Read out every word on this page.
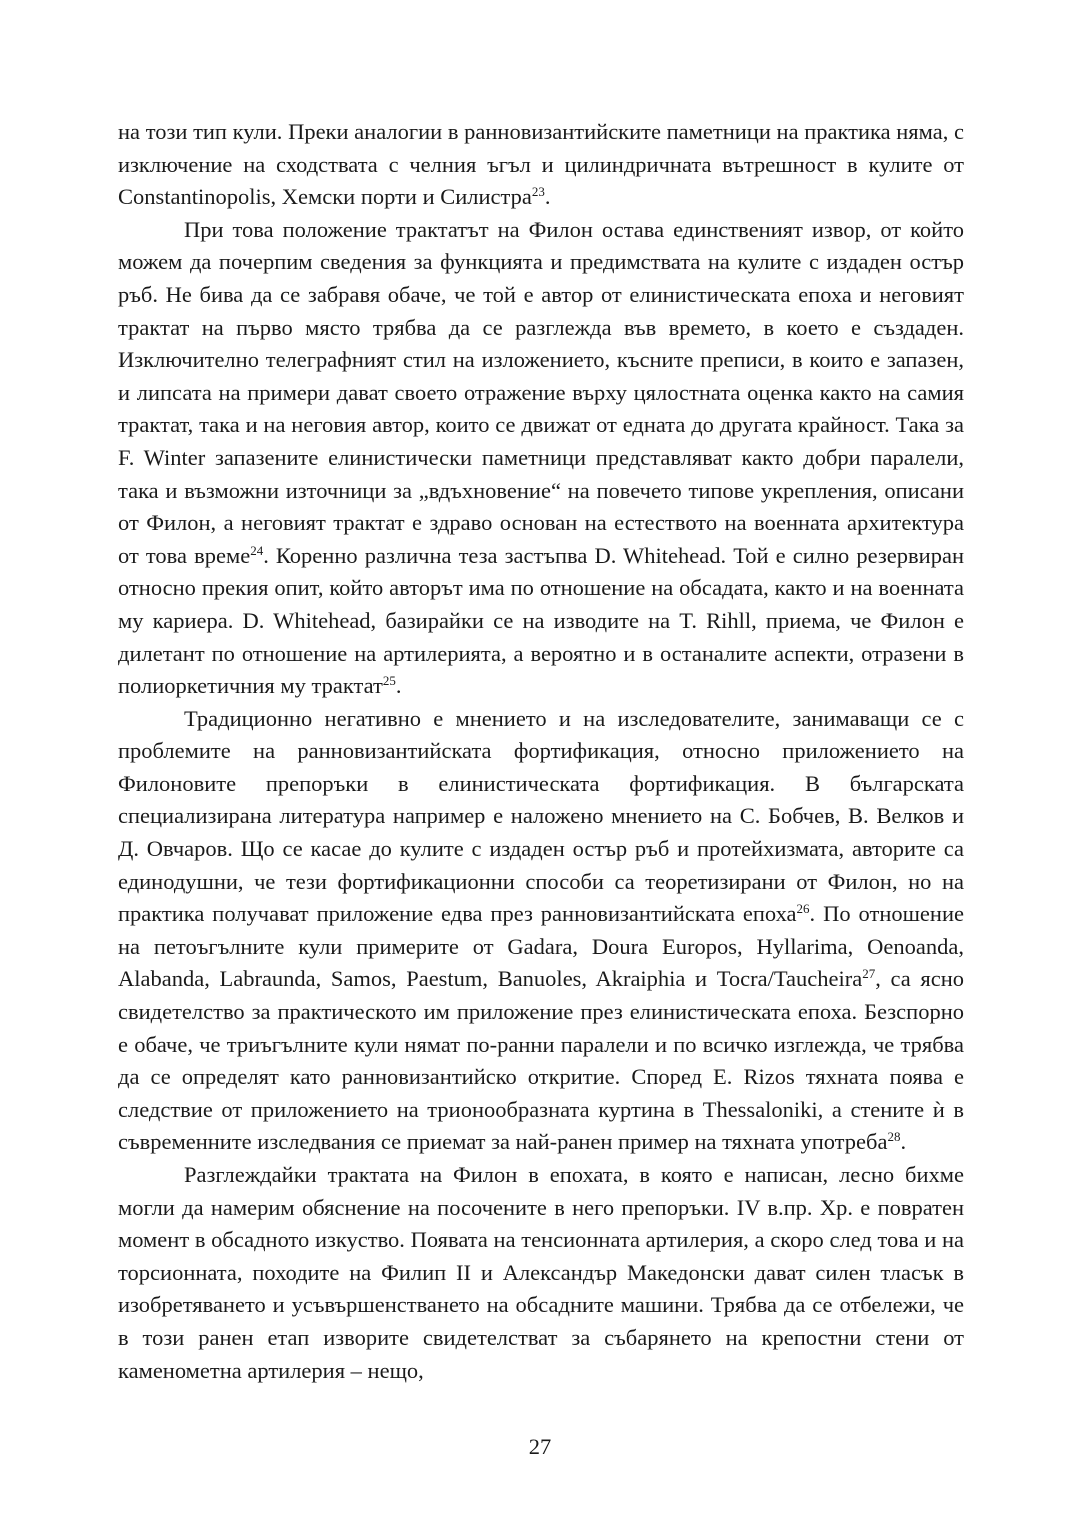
на този тип кули. Преки аналогии в ранновизантийските паметници на практика няма, с изключение на сходствата с челния ъгъл и цилиндричната вътрешност в кулите от Constantinopolis, Хемски порти и Силистра$^{23}$.

При това положение трактатът на Филон остава единственият извор, от който можем да почерпим сведения за функцията и предимствата на кулите с издаден остър ръб. Не бива да се забравя обаче, че той е автор от елинистическата епоха и неговият трактат на първо място трябва да се разглежда във времето, в което е създаден. Изключително телеграфният стил на изложението, късните преписи, в които е запазен, и липсата на примери дават своето отражение върху цялостната оценка както на самия трактат, така и на неговия автор, които се движат от едната до другата крайност. Така за F. Winter запазените елинистически паметници представляват както добри паралели, така и възможни източници за „вдъхновение“ на повечето типове укрепления, описани от Филон, а неговият трактат е здраво основан на естеството на военната архитектура от това време$^{24}$. Коренно различна теза застъпва D. Whitehead. Той е силно резервиран относно прекия опит, който авторът има по отношение на обсадата, както и на военната му кариера. D. Whitehead, базирайки се на изводите на T. Rihll, приема, че Филон е дилетант по отношение на артилерията, а вероятно и в останалите аспекти, отразени в полиоркетичния му трактат$^{25}$.

Традиционно негативно е мнението и на изследователите, занимаващи се с проблемите на ранновизантийската фортификация, относно приложението на Филоновите препоръки в елинистическата фортификация. В българската специализирана литература например е наложено мнението на С. Бобчев, В. Велков и Д. Овчаров. Що се касае до кулите с издаден остър ръб и протейхизмата, авторите са единодушни, че тези фортификационни способи са теоретизирани от Филон, но на практика получават приложение едва през ранновизантийската епоха$^{26}$. По отношение на петоъгълните кули примерите от Gadara, Doura Europos, Hyllarima, Oenoanda, Alabanda, Labraunda, Samos, Paestum, Banuoles, Akraiphia и Tocra/Taucheira$^{27}$, са ясно свидетелство за практическото им приложение през елинистическата епоха. Безспорно е обаче, че триъгълните кули нямат по-ранни паралели и по всичко изглежда, че трябва да се определят като ранновизантийско откритие. Според E. Rizos тяхната поява е следствие от приложението на трионообразната куртина в Thessaloniki, а стените ѝ в съвременните изследвания се приемат за най-ранен пример на тяхната употреба$^{28}$.

Разглеждайки трактата на Филон в епохата, в която е написан, лесно бихме могли да намерим обяснение на посочените в него препоръки. IV в.пр. Хр. е повратен момент в обсадното изкуство. Появата на тенсионната артилерия, а скоро след това и на торсионната, походите на Филип II и Александър Македонски дават силен тласък в изобретяването и усъвършенстването на обсадните машини. Трябва да се отбележи, че в този ранен етап изворите свидетелстват за събарянето на крепостни стени от каменометна артилерия – нещо,

27
